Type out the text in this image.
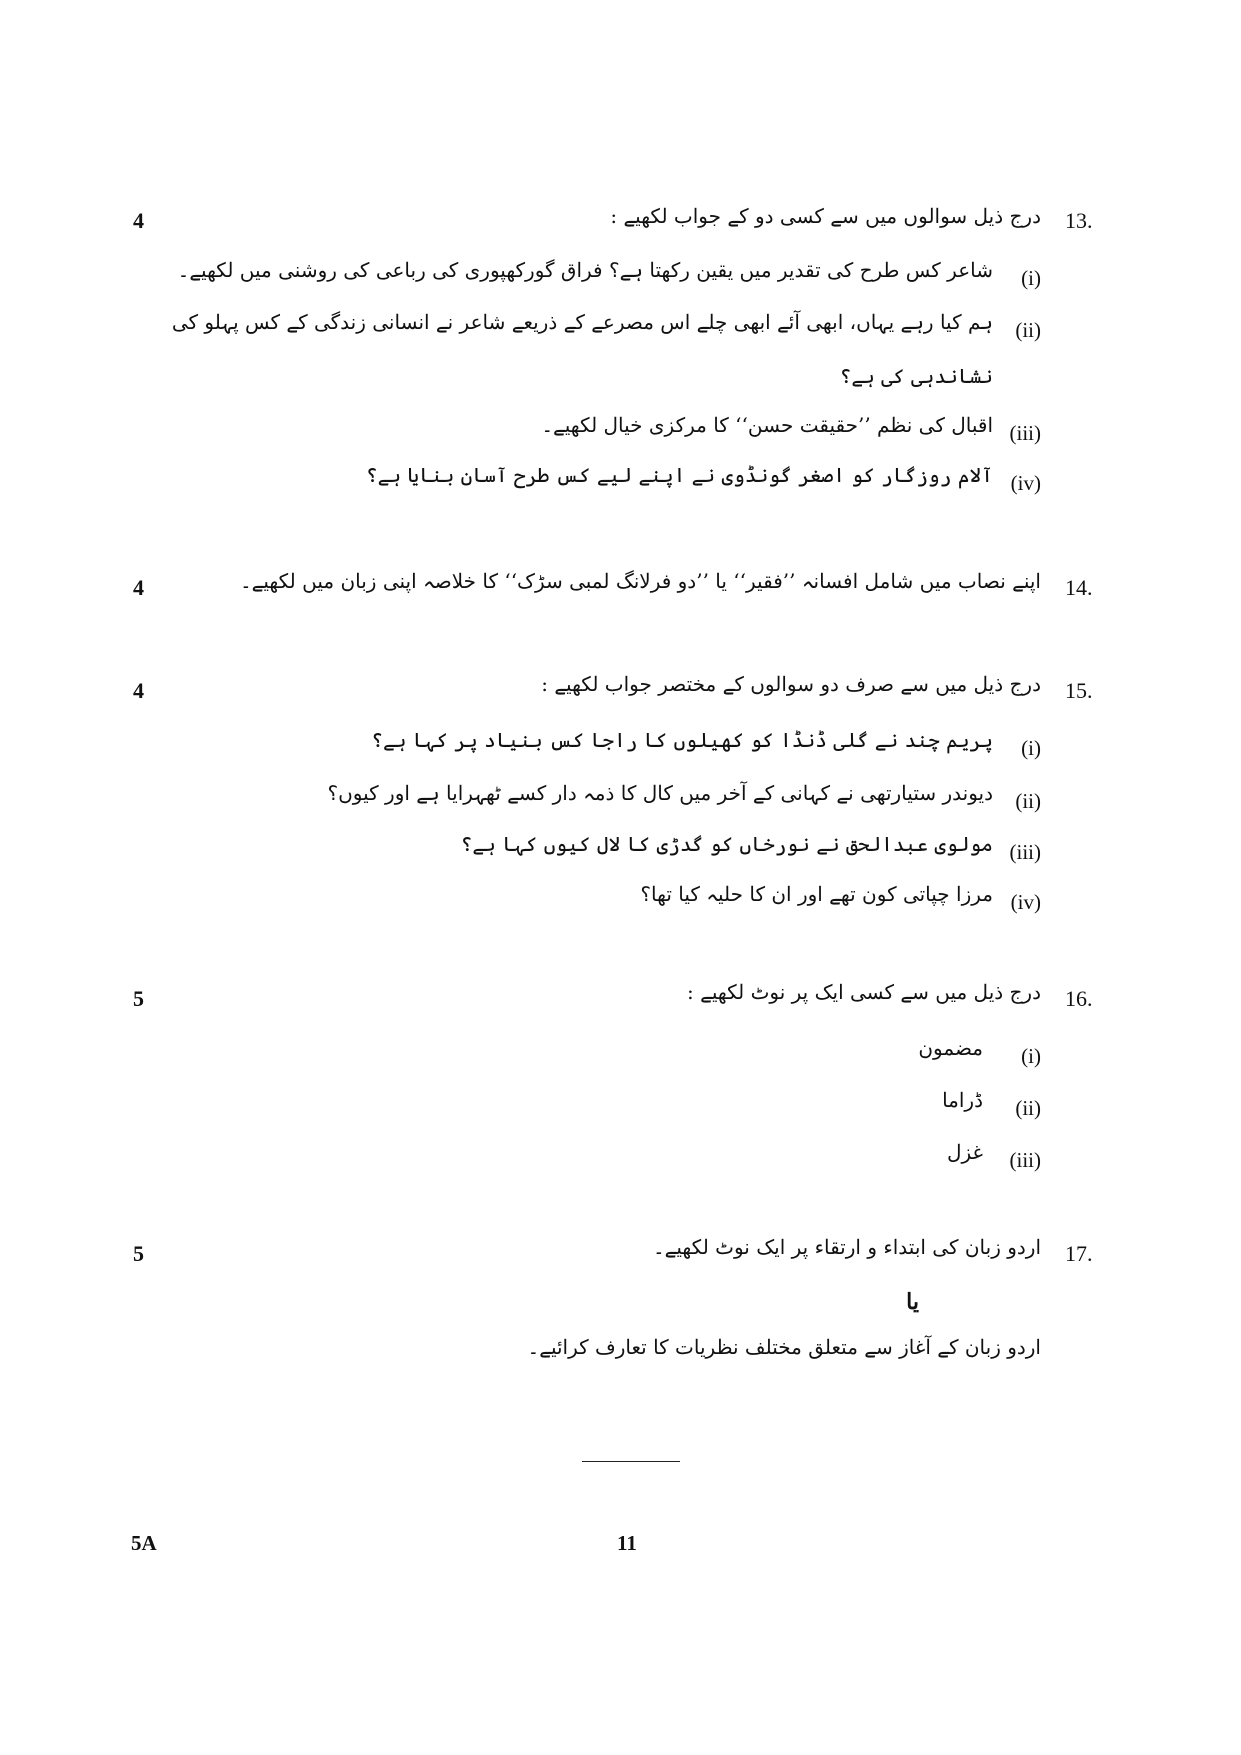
4	13.
درج ذیل سوالوں میں سے کسی دو کے جواب لکھیے :
(i)
شاعر کس طرح کی تقدیر میں یقین رکھتا ہے؟ فراق گورکھپوری کی رباعی کی روشنی میں لکھیے۔
(ii)
ہم کیا رہے یہاں، ابھی آئے ابھی چلے اس مصرعے کے ذریعے شاعر نے انسانی زندگی کے کس پہلو کی
نشاندہی کی ہے؟
(iii)
اقبال کی نظم ’’حقیقت حسن‘‘ کا مرکزی خیال لکھیے۔
(iv)
آلام روزگار کو اصغر گونڈوی نے اپنے لیے کس طرح آسان بنایا ہے؟
4	14.
اپنے نصاب میں شامل افسانہ ’’فقیر‘‘ یا ’’دو فرلانگ لمبی سڑک‘‘ کا خلاصہ اپنی زبان میں لکھیے۔
4	15.
درج ذیل میں سے صرف دو سوالوں کے مختصر جواب لکھیے :
(i)
پریم چند نے گلی ڈنڈا کو کھیلوں کا راجا کس بنیاد پر کہا ہے؟
(ii)
دیوندر ستیارتھی نے کہانی کے آخر میں کال کا ذمہ دار کسے ٹھہرایا ہے اور کیوں؟
(iii)
مولوی عبدالحق نے نورخاں کو گدڑی کا لال کیوں کہا ہے؟
(iv)
مرزا چپاتی کون تھے اور ان کا حلیہ کیا تھا؟
5	16.
درج ذیل میں سے کسی ایک پر نوٹ لکھیے :
(i)
مضمون
(ii)
ڈراما
(iii)
غزل
5	17.
اردو زبان کی ابتداء و ارتقاء پر ایک نوٹ لکھیے۔
یا
اردو زبان کے آغاز سے متعلق مختلف نظریات کا تعارف کرائیے۔
5A	11
